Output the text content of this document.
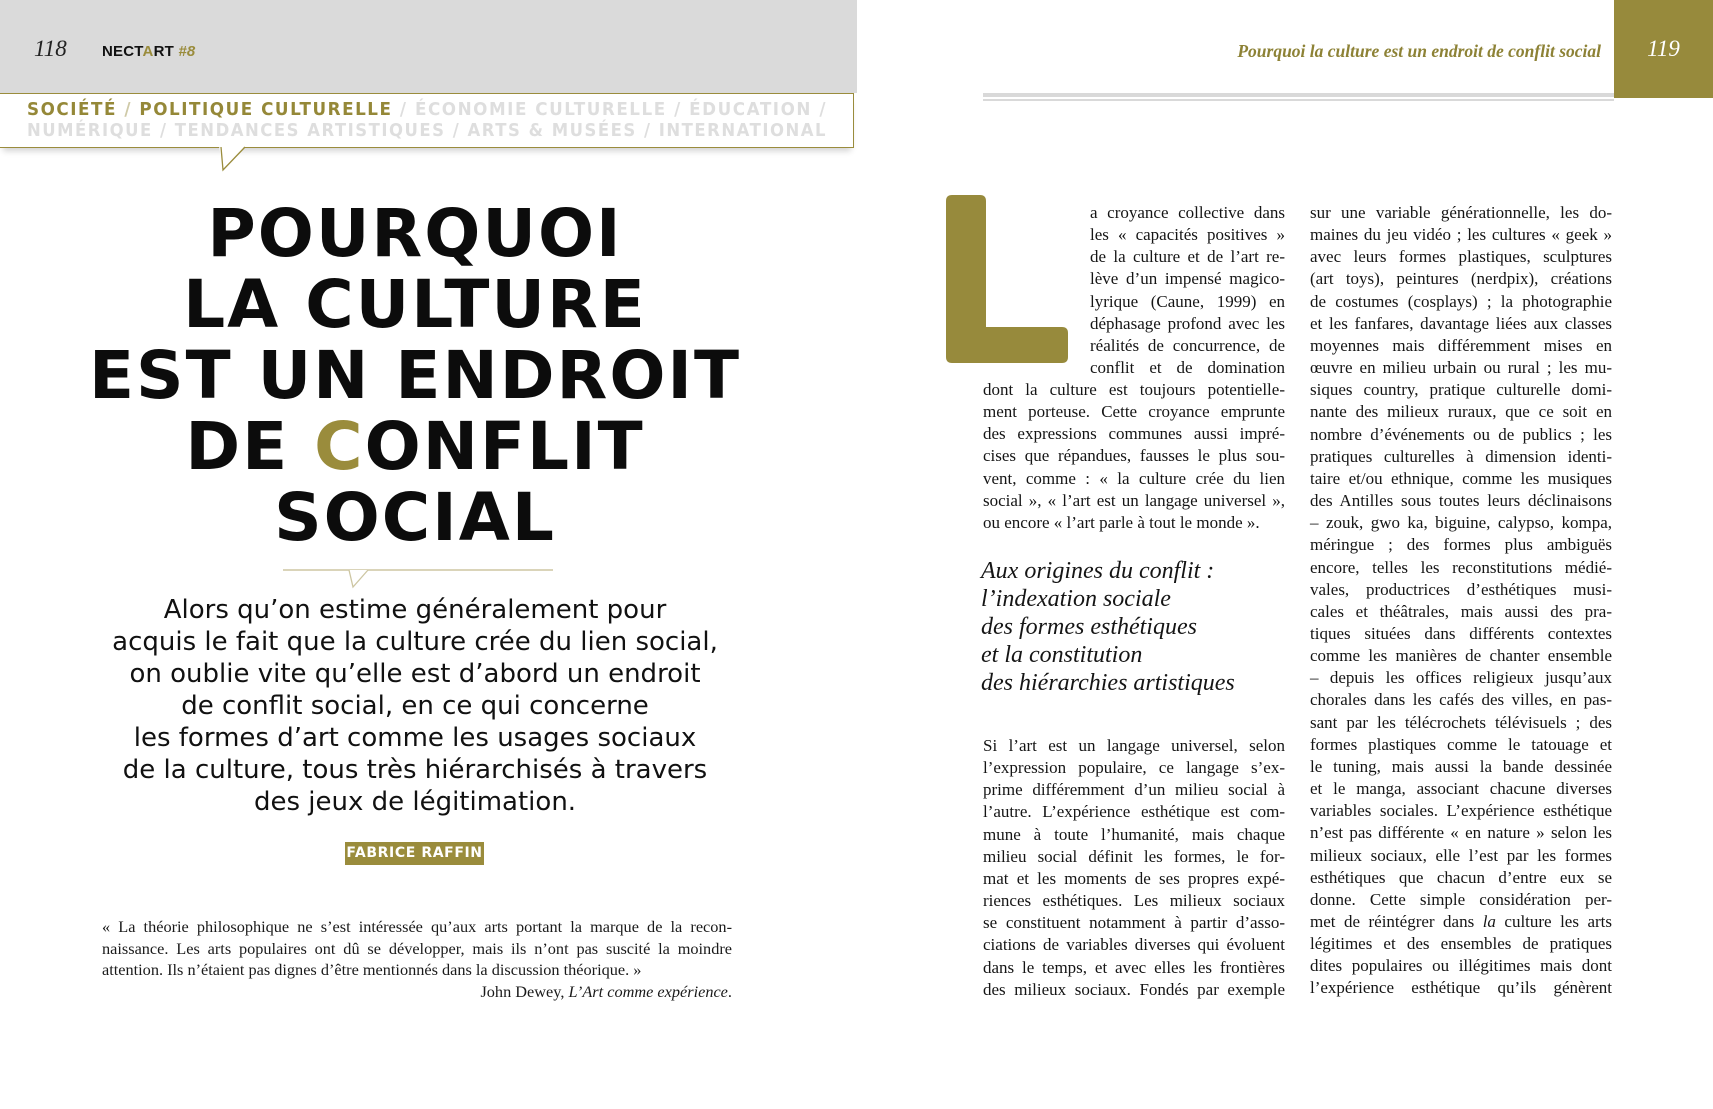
118 NECTART #8
SOCIÉTÉ / POLITIQUE CULTURELLE / ÉCONOMIE CULTURELLE / ÉDUCATION /
NUMÉRIQUE / TENDANCES ARTISTIQUES / ARTS & MUSÉES / INTERNATIONAL
POURQUOI
LA CULTURE
EST UN ENDROIT
DE CONFLIT
SOCIAL
Alors qu’on estime généralement pour
acquis le fait que la culture crée du lien social,
on oublie vite qu’elle est d’abord un endroit
de conflit social, en ce qui concerne
les formes d’art comme les usages sociaux
de la culture, tous très hiérarchisés à travers
des jeux de légitimation.
FABRICE RAFFIN
« La théorie philosophique ne s’est intéressée qu’aux arts portant la marque de la recon-
naissance. Les arts populaires ont dû se développer, mais ils n’ont pas suscité la moindre
attention. Ils n’étaient pas dignes d’être mentionnés dans la discussion théorique. »
John Dewey, L’Art comme expérience.
Pourquoi la culture est un endroit de conflit social	119
a croyance collective dans
les « capacités positives »
de la culture et de l’art re-
lève d’un impensé magico-
lyrique (Caune, 1999) en
déphasage profond avec les
réalités de concurrence, de
conflit et de domination
dont la culture est toujours potentielle-
ment porteuse. Cette croyance emprunte
des expressions communes aussi impré-
cises que répandues, fausses le plus sou-
vent, comme : « la culture crée du lien
social », « l’art est un langage universel »,
ou encore « l’art parle à tout le monde ».
Aux origines du conflit :
l’indexation sociale
des formes esthétiques
et la constitution
des hiérarchies artistiques
Si l’art est un langage universel, selon
l’expression populaire, ce langage s’ex-
prime différemment d’un milieu social à
l’autre. L’expérience esthétique est com-
mune à toute l’humanité, mais chaque
milieu social définit les formes, le for-
mat et les moments de ses propres expé-
riences esthétiques. Les milieux sociaux
se constituent notamment à partir d’asso-
ciations de variables diverses qui évoluent
dans le temps, et avec elles les frontières
des milieux sociaux. Fondés par exemple
sur une variable générationnelle, les do-
maines du jeu vidéo ; les cultures « geek »
avec leurs formes plastiques, sculptures
(art toys), peintures (nerdpix), créations
de costumes (cosplays) ; la photographie
et les fanfares, davantage liées aux classes
moyennes mais différemment mises en
œuvre en milieu urbain ou rural ; les mu-
siques country, pratique culturelle domi-
nante des milieux ruraux, que ce soit en
nombre d’événements ou de publics ; les
pratiques culturelles à dimension identi-
taire et/ou ethnique, comme les musiques
des Antilles sous toutes leurs déclinaisons
– zouk, gwo ka, biguine, calypso, kompa,
méringue ; des formes plus ambiguës
encore, telles les reconstitutions médié-
vales, productrices d’esthétiques musi-
cales et théâtrales, mais aussi des pra-
tiques situées dans différents contextes
comme les manières de chanter ensemble
– depuis les offices religieux jusqu’aux
chorales dans les cafés des villes, en pas-
sant par les télécrochets télévisuels ; des
formes plastiques comme le tatouage et
le tuning, mais aussi la bande dessinée
et le manga, associant chacune diverses
variables sociales. L’expérience esthétique
n’est pas différente « en nature » selon les
milieux sociaux, elle l’est par les formes
esthétiques que chacun d’entre eux se
donne. Cette simple considération per-
met de réintégrer dans la culture les arts
légitimes et des ensembles de pratiques
dites populaires ou illégitimes mais dont
l’expérience esthétique qu’ils génèrent
